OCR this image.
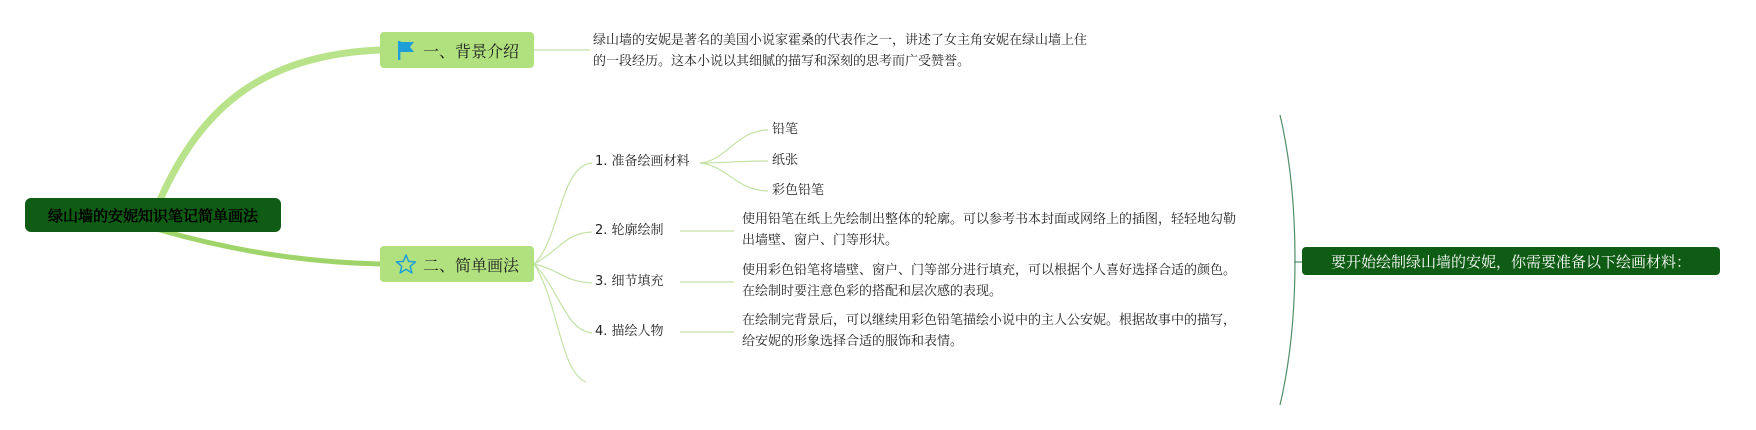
绿山墙的安妮知识笔记简单画法
一、背景介绍
绿山墙的安妮是著名的美国小说家霍桑的代表作之一，讲述了女主角安妮在绿山墙上住的一段经历。这本小说以其细腻的描写和深刻的思考而广受赞誉。
二、简单画法
1. 准备绘画材料
铅笔
纸张
彩色铅笔
2. 轮廓绘制
使用铅笔在纸上先绘制出整体的轮廓。可以参考书本封面或网络上的插图，轻轻地勾勒出墙壁、窗户、门等形状。
3. 细节填充
使用彩色铅笔将墙壁、窗户、门等部分进行填充，可以根据个人喜好选择合适的颜色。在绘制时要注意色彩的搭配和层次感的表现。
4. 描绘人物
在绘制完背景后，可以继续用彩色铅笔描绘小说中的主人公安妮。根据故事中的描写，给安妮的形象选择合适的服饰和表情。
要开始绘制绿山墙的安妮，你需要准备以下绘画材料：
